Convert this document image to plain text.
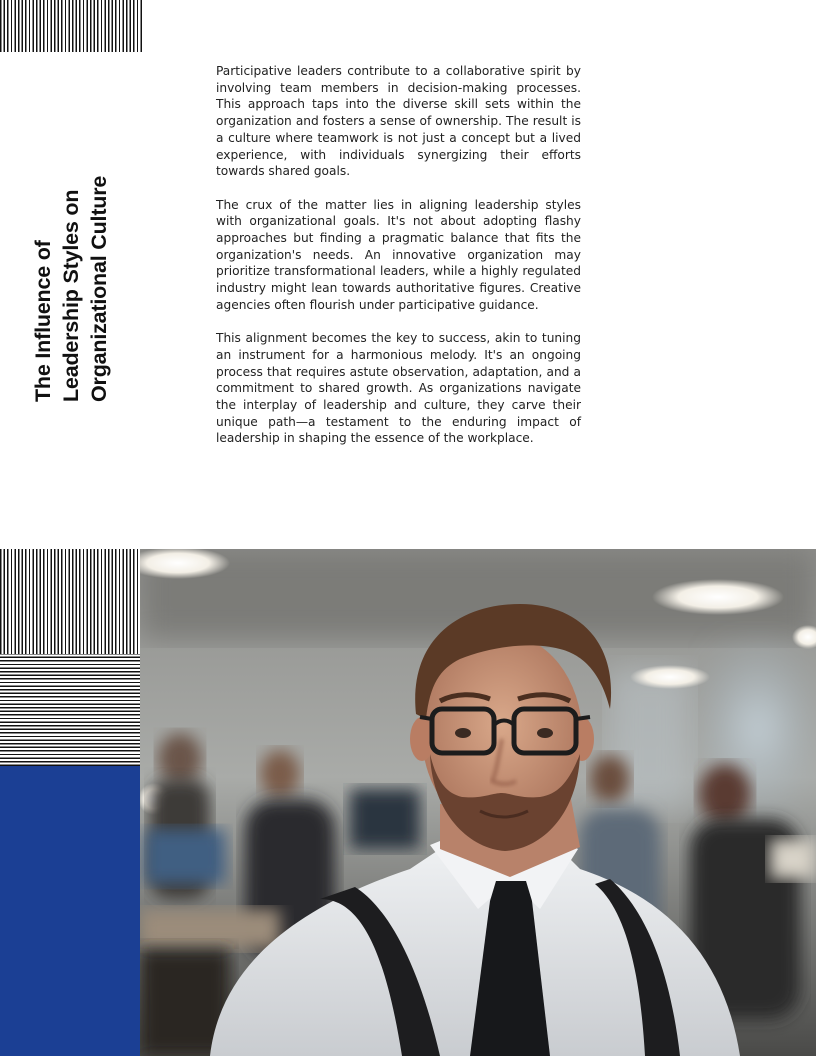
The Influence of Leadership Styles on Organizational Culture

Participative leaders contribute to a collaborative spirit by involving team members in decision-making processes. This approach taps into the diverse skill sets within the organization and fosters a sense of ownership. The result is a culture where teamwork is not just a concept but a lived experience, with individuals synergizing their efforts towards shared goals.

The crux of the matter lies in aligning leadership styles with organizational goals. It's not about adopting flashy approaches but finding a pragmatic balance that fits the organization's needs. An innovative organization may prioritize transformational leaders, while a highly regulated industry might lean towards authoritative figures. Creative agencies often flourish under participative guidance.

This alignment becomes the key to success, akin to tuning an instrument for a harmonious melody. It's an ongoing process that requires astute observation, adaptation, and a commitment to shared growth. As organizations navigate the interplay of leadership and culture, they carve their unique path—a testament to the enduring impact of leadership in shaping the essence of the workplace.
